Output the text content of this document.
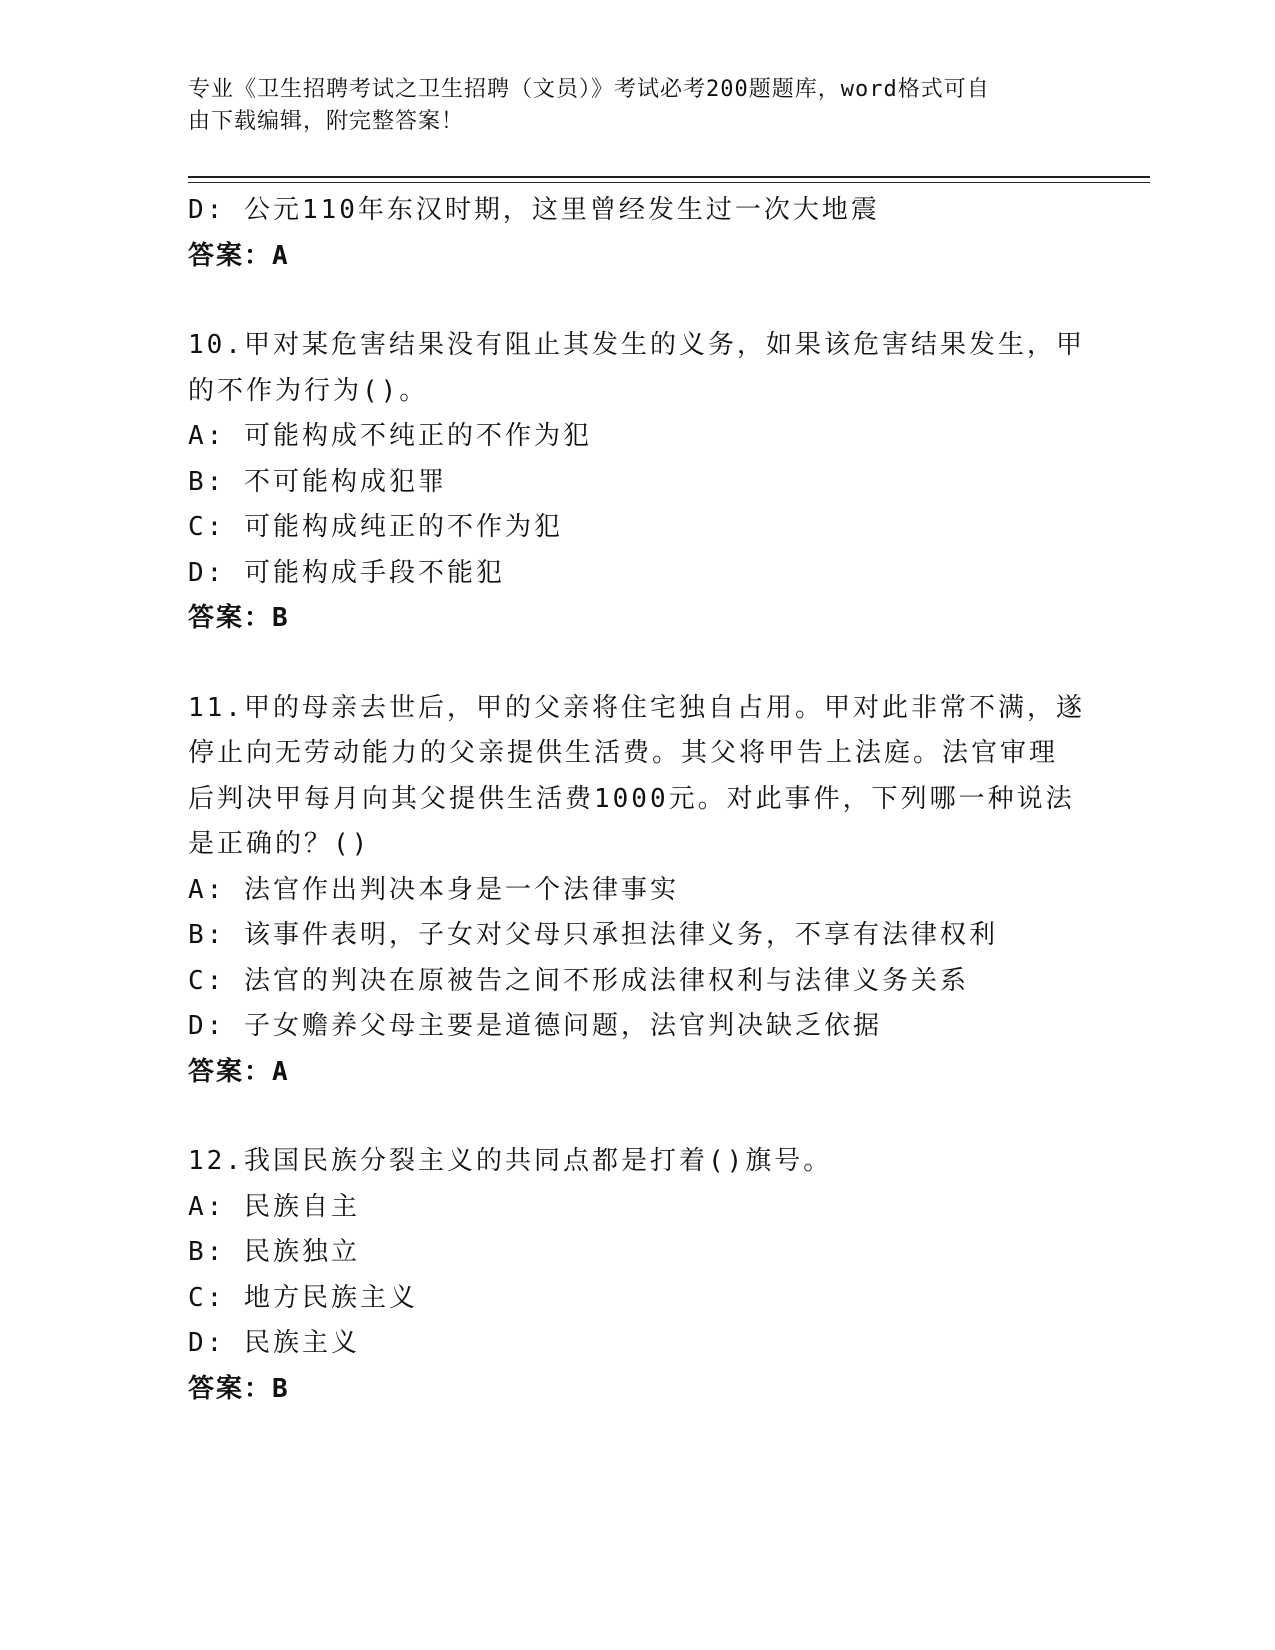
专业《卫生招聘考试之卫生招聘（文员）》考试必考200题题库，word格式可自
由下载编辑，附完整答案！
D: 公元110年东汉时期，这里曾经发生过一次大地震
答案：A
10.甲对某危害结果没有阻止其发生的义务，如果该危害结果发生，甲
的不作为行为()。
A: 可能构成不纯正的不作为犯
B: 不可能构成犯罪
C: 可能构成纯正的不作为犯
D: 可能构成手段不能犯
答案：B
11.甲的母亲去世后，甲的父亲将住宅独自占用。甲对此非常不满，遂
停止向无劳动能力的父亲提供生活费。其父将甲告上法庭。法官审理
后判决甲每月向其父提供生活费1000元。对此事件，下列哪一种说法
是正确的？()
A: 法官作出判决本身是一个法律事实
B: 该事件表明，子女对父母只承担法律义务，不享有法律权利
C: 法官的判决在原被告之间不形成法律权利与法律义务关系
D: 子女赡养父母主要是道德问题，法官判决缺乏依据
答案：A
12.我国民族分裂主义的共同点都是打着()旗号。
A: 民族自主
B: 民族独立
C: 地方民族主义
D: 民族主义
答案：B
